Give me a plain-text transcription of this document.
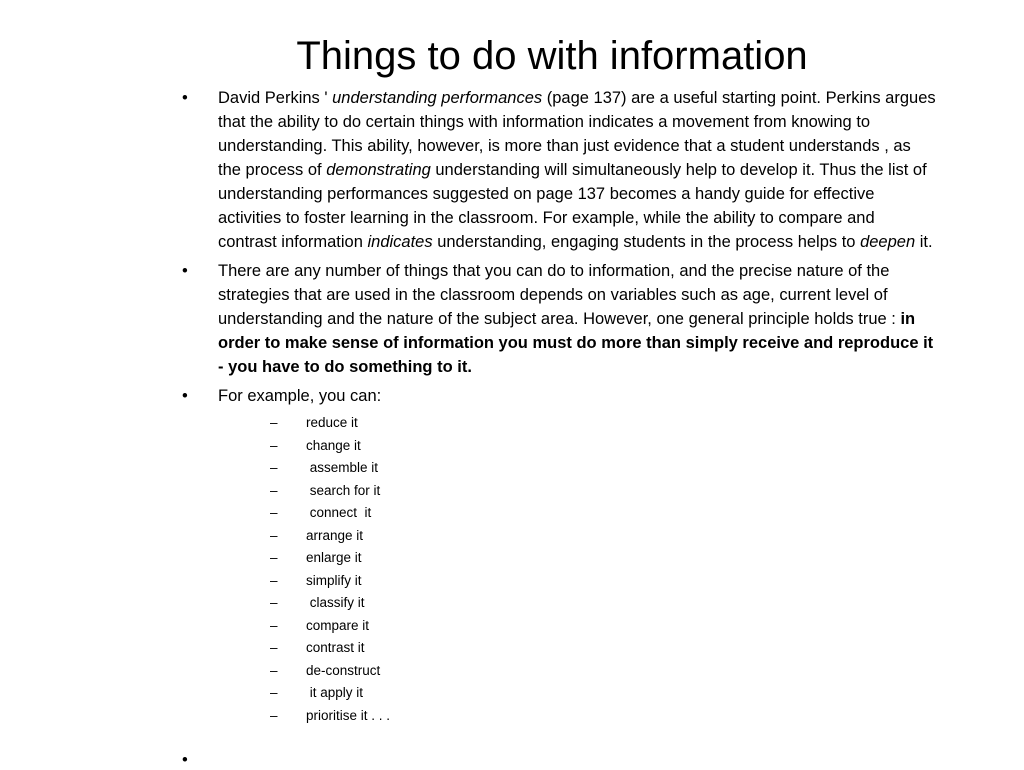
Things to do with information
• David Perkins ' understanding performances (page 137) are a useful starting point. Perkins argues that the ability to do certain things with information indicates a movement from knowing to understanding. This ability, however, is more than just evidence that a student understands , as the process of demonstrating understanding will simultaneously help to develop it. Thus the list of understanding performances suggested on page 137 becomes a handy guide for effective activities to foster learning in the classroom. For example, while the ability to compare and contrast information indicates understanding, engaging students in the process helps to deepen it.
• There are any number of things that you can do to information, and the precise nature of the strategies that are used in the classroom depends on variables such as age, current level of understanding and the nature of the subject area. However, one general principle holds true : in order to make sense of information you must do more than simply receive and reproduce it - you have to do something to it.
• For example, you can:
– reduce it
– change it
– assemble it
– search for it
– connect  it
– arrange it
– enlarge it
– simplify it
– classify it
– compare it
– contrast it
– de-construct
– it apply it
– prioritise it . . .
•
